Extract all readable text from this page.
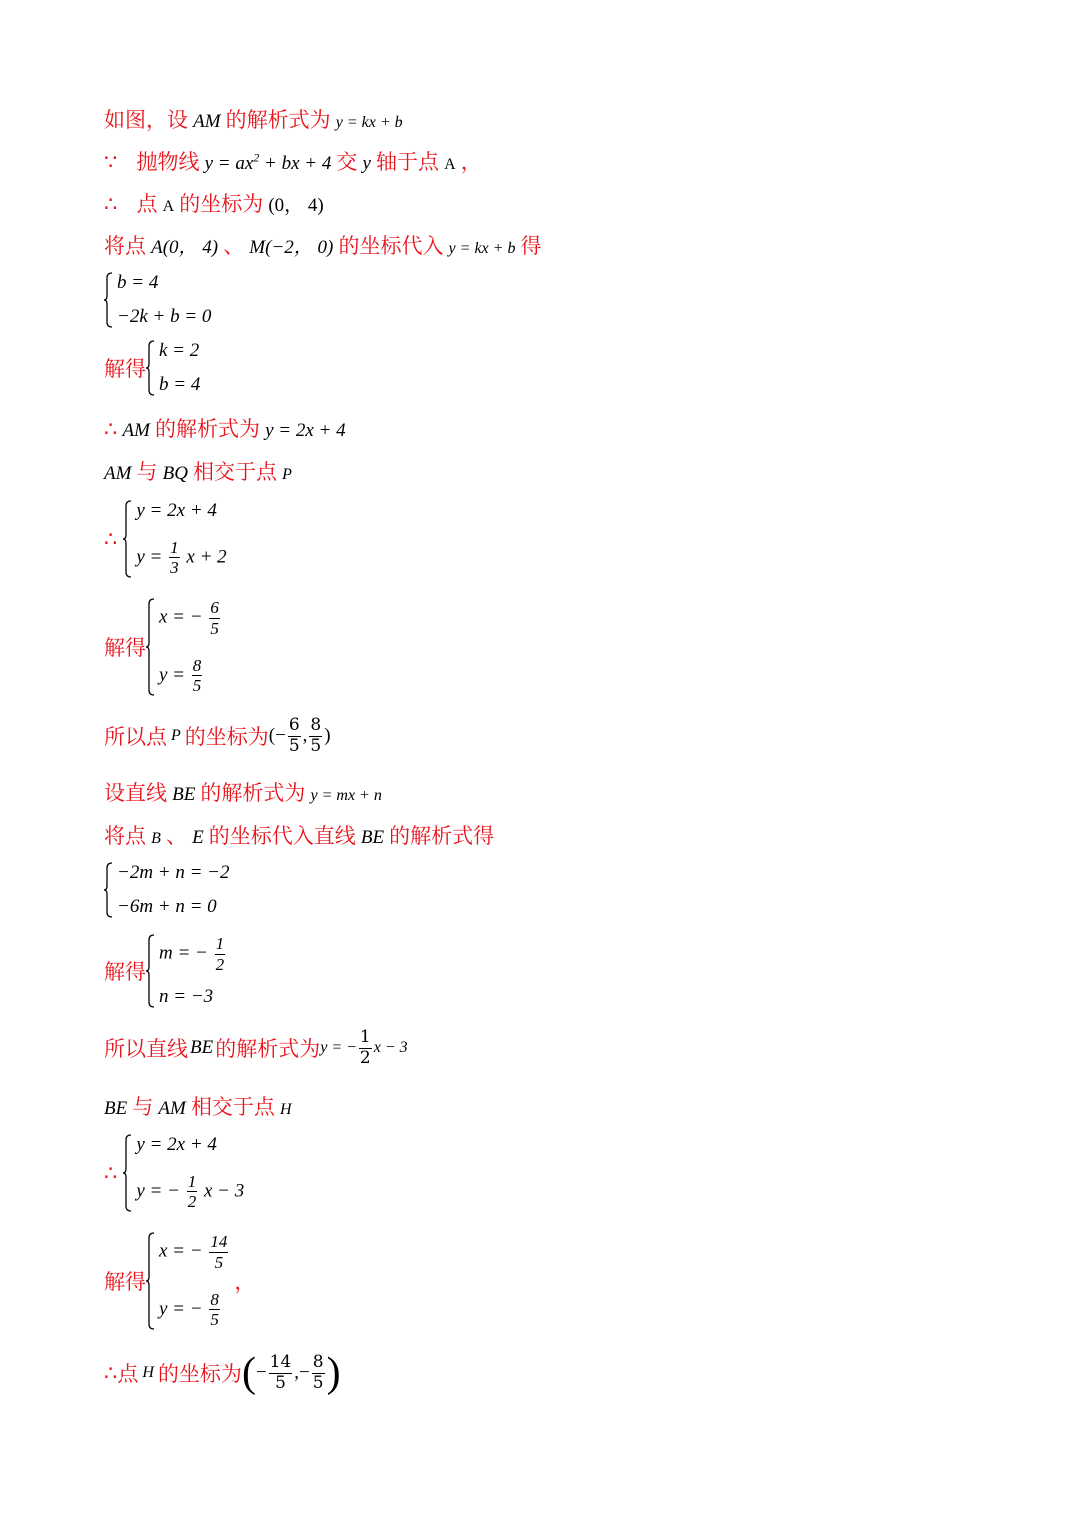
如图，设 AM 的解析式为 y = kx + b
∵ 抛物线 $y = ax^2$ + bx + 4 交 y 轴于点 A ，
∴ 点 A 的坐标为 (0， 4)
将点 A(0， 4) 、 M(−2， 0) 的坐标代入 y = kx + b 得
b = 4
−2k + b = 0
解得
k = 2
b = 4
∴ AM 的解析式为 y = 2x + 4
AM 与 BQ 相交于点 P
∴
y = 2x + 4
$y = \frac{1}{3}$ x + 2
解得
x = − $\frac{6}{5}$
$y = \frac{8}{5}$
所以点 P 的坐标为 (− $\frac{6}{5}$ , $\frac{8}{5}$ )
设直线 BE 的解析式为 y = mx + n
将点 B 、 E 的坐标代入直线 BE 的解析式得
−2m + n = −2
−6m + n = 0
解得
m = − $\frac{1}{2}$
n = −3
所以直线 BE 的解析式为 y = − $\frac{1}{2}$ x − 3
BE 与 AM 相交于点 H
∴
y = 2x + 4
y = − $\frac{1}{2}$ x − 3
解得
x = − $\frac{14}{5}$
y = − $\frac{8}{5}$
，
∴ 点 H 的坐标为 ( − $\frac{14}{5}$ ,− $\frac{8}{5}$ )
